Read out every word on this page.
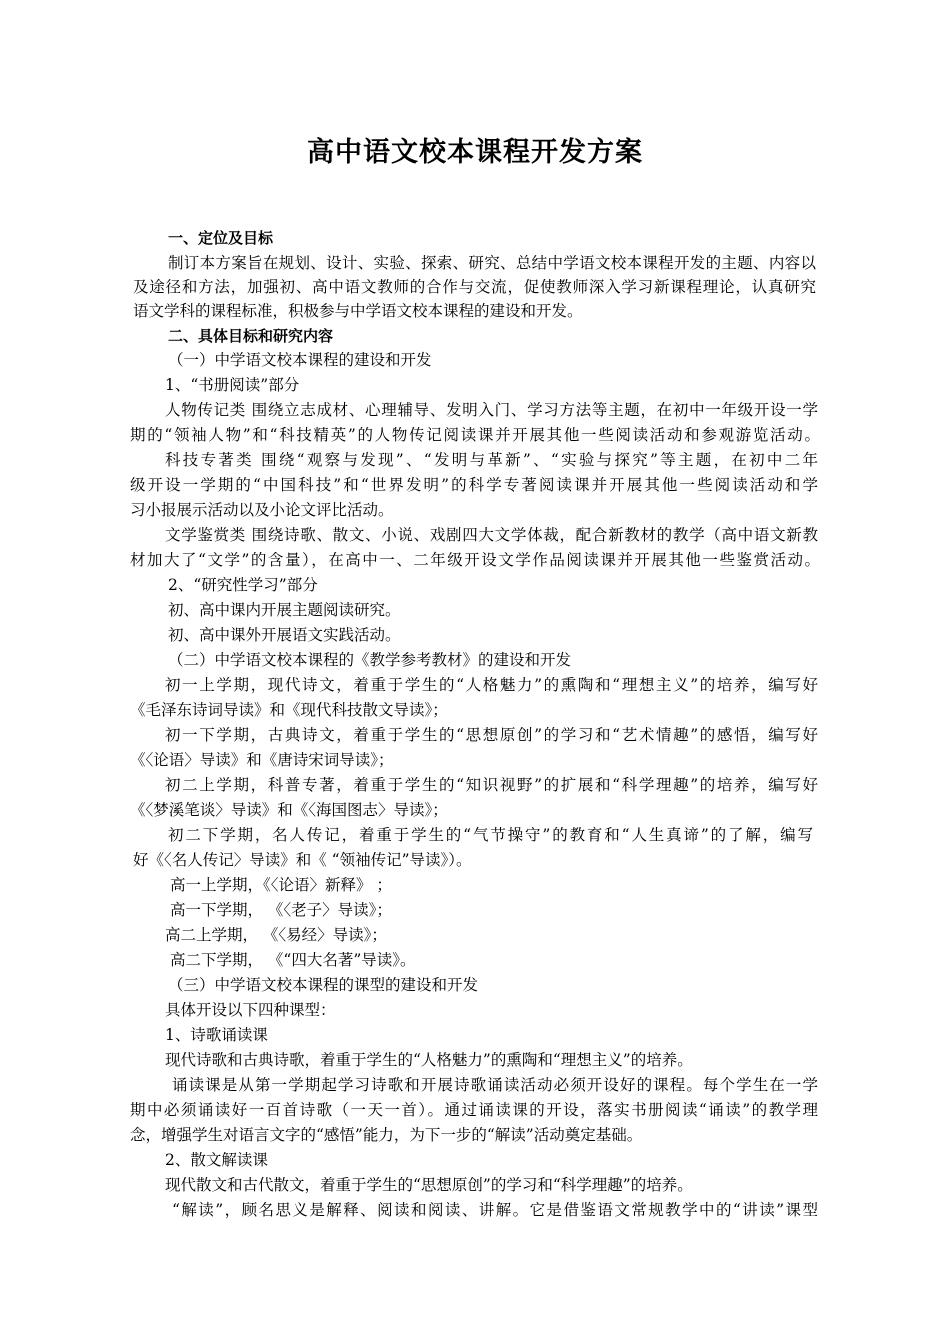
高中语文校本课程开发方案
一、定位及目标
制订本方案旨在规划、设计、实验、探索、研究、总结中学语文校本课程开发的主题、内容以
及途径和方法，加强初、高中语文教师的合作与交流，促使教师深入学习新课程理论，认真研究
语文学科的课程标准，积极参与中学语文校本课程的建设和开发。
二、具体目标和研究内容
（一）中学语文校本课程的建设和开发
1、“书册阅读”部分
人物传记类 围绕立志成材、心理辅导、发明入门、学习方法等主题，在初中一年级开设一学
期的“领袖人物”和“科技精英”的人物传记阅读课并开展其他一些阅读活动和参观游览活动。
科技专著类 围绕“观察与发现”、“发明与革新”、“实验与探究”等主题，在初中二年
级开设一学期的“中国科技”和“世界发明”的科学专著阅读课并开展其他一些阅读活动和学
习小报展示活动以及小论文评比活动。
文学鉴赏类 围绕诗歌、散文、小说、戏剧四大文学体裁，配合新教材的教学（高中语文新教
材加大了“文学”的含量），在高中一、二年级开设文学作品阅读课并开展其他一些鉴赏活动。
2、“研究性学习”部分
初、高中课内开展主题阅读研究。
初、高中课外开展语文实践活动。
（二）中学语文校本课程的《教学参考教材》的建设和开发
初一上学期，现代诗文，着重于学生的“人格魅力”的熏陶和“理想主义”的培养，编写好
《毛泽东诗词导读》和《现代科技散文导读》；
初一下学期，古典诗文，着重于学生的“思想原创”的学习和“艺术情趣”的感悟，编写好
《〈论语〉导读》和《唐诗宋词导读》；
初二上学期，科普专著，着重于学生的“知识视野”的扩展和“科学理趣”的培养，编写好
《〈梦溪笔谈〉导读》和《〈海国图志〉导读》；
初二下学期，名人传记，着重于学生的“气节操守”的教育和“人生真谛”的了解，编写
好《〈名人传记〉导读》和《 “领袖传记”导读》）。
高一上学期，《〈论语〉新释》 ；
高一下学期， 《〈老子〉导读》；
高二上学期， 《〈易经〉导读》；
高二下学期， 《“四大名著”导读》。
（三）中学语文校本课程的课型的建设和开发
具体开设以下四种课型：
1、诗歌诵读课
现代诗歌和古典诗歌，着重于学生的“人格魅力”的熏陶和“理想主义”的培养。
诵读课是从第一学期起学习诗歌和开展诗歌诵读活动必须开设好的课程。每个学生在一学
期中必须诵读好一百首诗歌（一天一首）。通过诵读课的开设，落实书册阅读“诵读”的教学理
念，增强学生对语言文字的“感悟”能力，为下一步的“解读”活动奠定基础。
2、散文解读课
现代散文和古代散文，着重于学生的“思想原创”的学习和“科学理趣”的培养。
“解读”，顾名思义是解释、阅读和阅读、讲解。它是借鉴语文常规教学中的“讲读”课型
